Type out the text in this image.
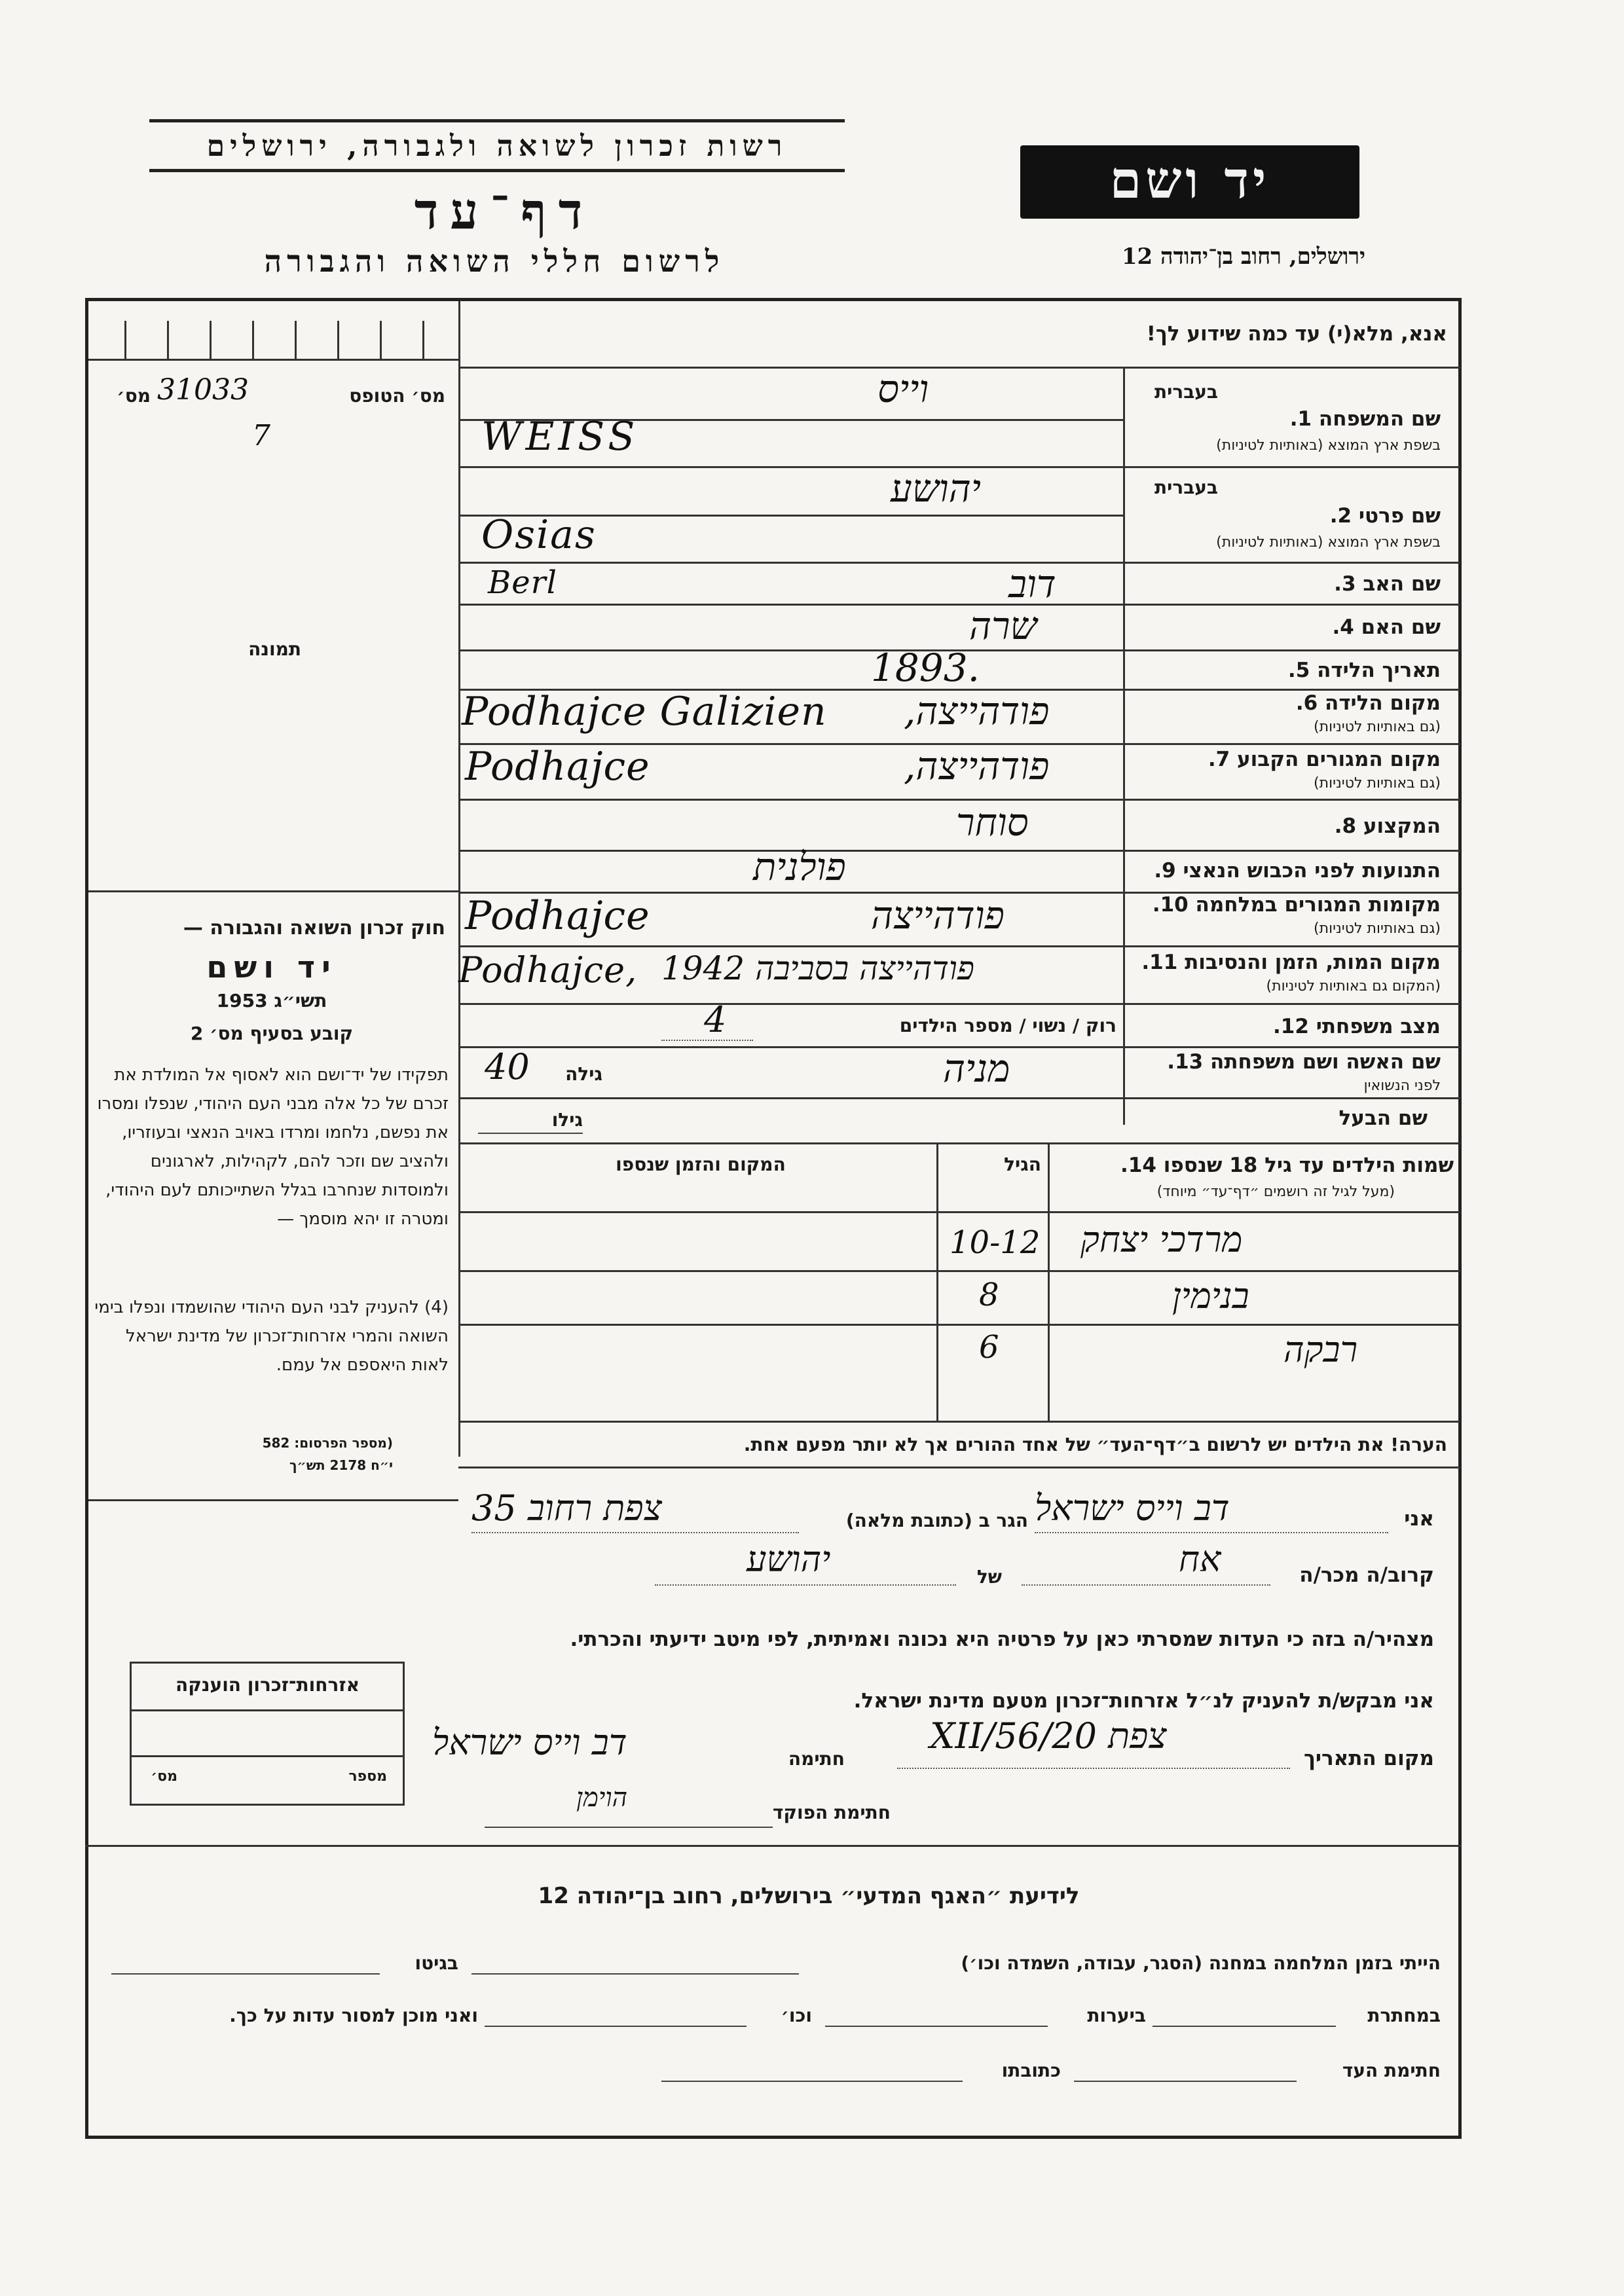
רשות זכרון לשואה ולגבורה, ירושלים
דף־עד
לרשום חללי השואה והגבורה
יד ושם
ירושלים, רחוב בן־יהודה 12
מס׳ הטופס
מס׳ 31033
7
תמונה
אנא, מלא(י) עד כמה שידוע לך!
שם המשפחה 1.
בשפת ארץ המוצא (באותיות לטיניות)
בעברית
וייס
WEISS
שם פרטי 2.
בשפת ארץ המוצא (באותיות לטיניות)
בעברית
יהושע
Osias
שם האב 3.
דוב
Berl
שם האם 4.
שרה
תאריך הלידה 5.
1893.
מקום הלידה 6.
(גם באותיות לטיניות)
Podhajce Galizien פודהייצה,
מקום המגורים הקבוע 7.
(גם באותיות לטיניות)
Podhajce	פודהייצה,
המקצוע 8.
סוחר
התנועות לפני הכבוש הנאצי 9.
פולנית
מקומות המגורים במלחמה 10.
(גם באותיות לטיניות)
Podhajce	פודהייצה
מקום המות, הזמן והנסיבות 11.
(המקום גם באותיות לטיניות)
Podhajce, פודהייצה בסביבה 1942
מצב משפחתי 12.
רוק / נשוי / מספר הילדים
4
שם האשה ושם משפחתה 13.
לפני הנשואין
מניה
גילה
40
שם הבעל
גילו
שמות הילדים עד גיל 18 שנספו 14.
(מעל לגיל זה רושמים ״דף־עד״ מיוחד)
הגיל
המקום והזמן שנספו
מרדכי יצחק
10-12
בנימין
8
רבקה
6
הערה! את הילדים יש לרשום ב״דף־העד״ של אחד ההורים אך לא יותר מפעם אחת.
חוק זכרון השואה והגבורה —
יד ושם
תשי״ג 1953
קובע בסעיף מס׳ 2
תפקידו של יד־ושם הוא לאסוף אל המולדת את זכרם של כל אלה מבני העם היהודי, שנפלו ומסרו את נפשם, נלחמו ומרדו באויב הנאצי ובעוזריו, ולהציב שם וזכר להם, לקהילות, לארגונים ולמוסדות שנחרבו בגלל השתייכותם לעם היהודי, ומטרה זו יהא מוסמך —
(4) להעניק לבני העם היהודי שהושמדו ונפלו בימי השואה והמרי אזרחות־זכרון של מדינת ישראל לאות היאספם אל עמם.
(מספר הפרסום: 582
י״ח 2178 תש״ך
אני
דב וייס ישראל
הגר ב (כתובת מלאה)
צפת רחוב 35
קרוב/ה מכר/ה
אח
של
יהושע
מצהיר/ה בזה כי העדות שמסרתי כאן על פרטיה היא נכונה ואמיתית, לפי מיטב ידיעתי והכרתי.
אני מבקש/ת להעניק לנ״ל אזרחות־זכרון מטעם מדינת ישראל.
מקום התאריך
צפת 20/XII/56
חתימה
דב וייס ישראל
חתימת הפוקד
הוימן
אזרחות־זכרון הוענקה
מספר
מס׳
לידיעת ״האגף המדעי״ בירושלים, רחוב בן־יהודה 12
הייתי בזמן המלחמה במחנה (הסגר, עבודה, השמדה וכו׳)
בגיטו
במחתרת
ביערות
וכו׳
ואני מוכן למסור עדות על כך.
חתימת העד
כתובתו
